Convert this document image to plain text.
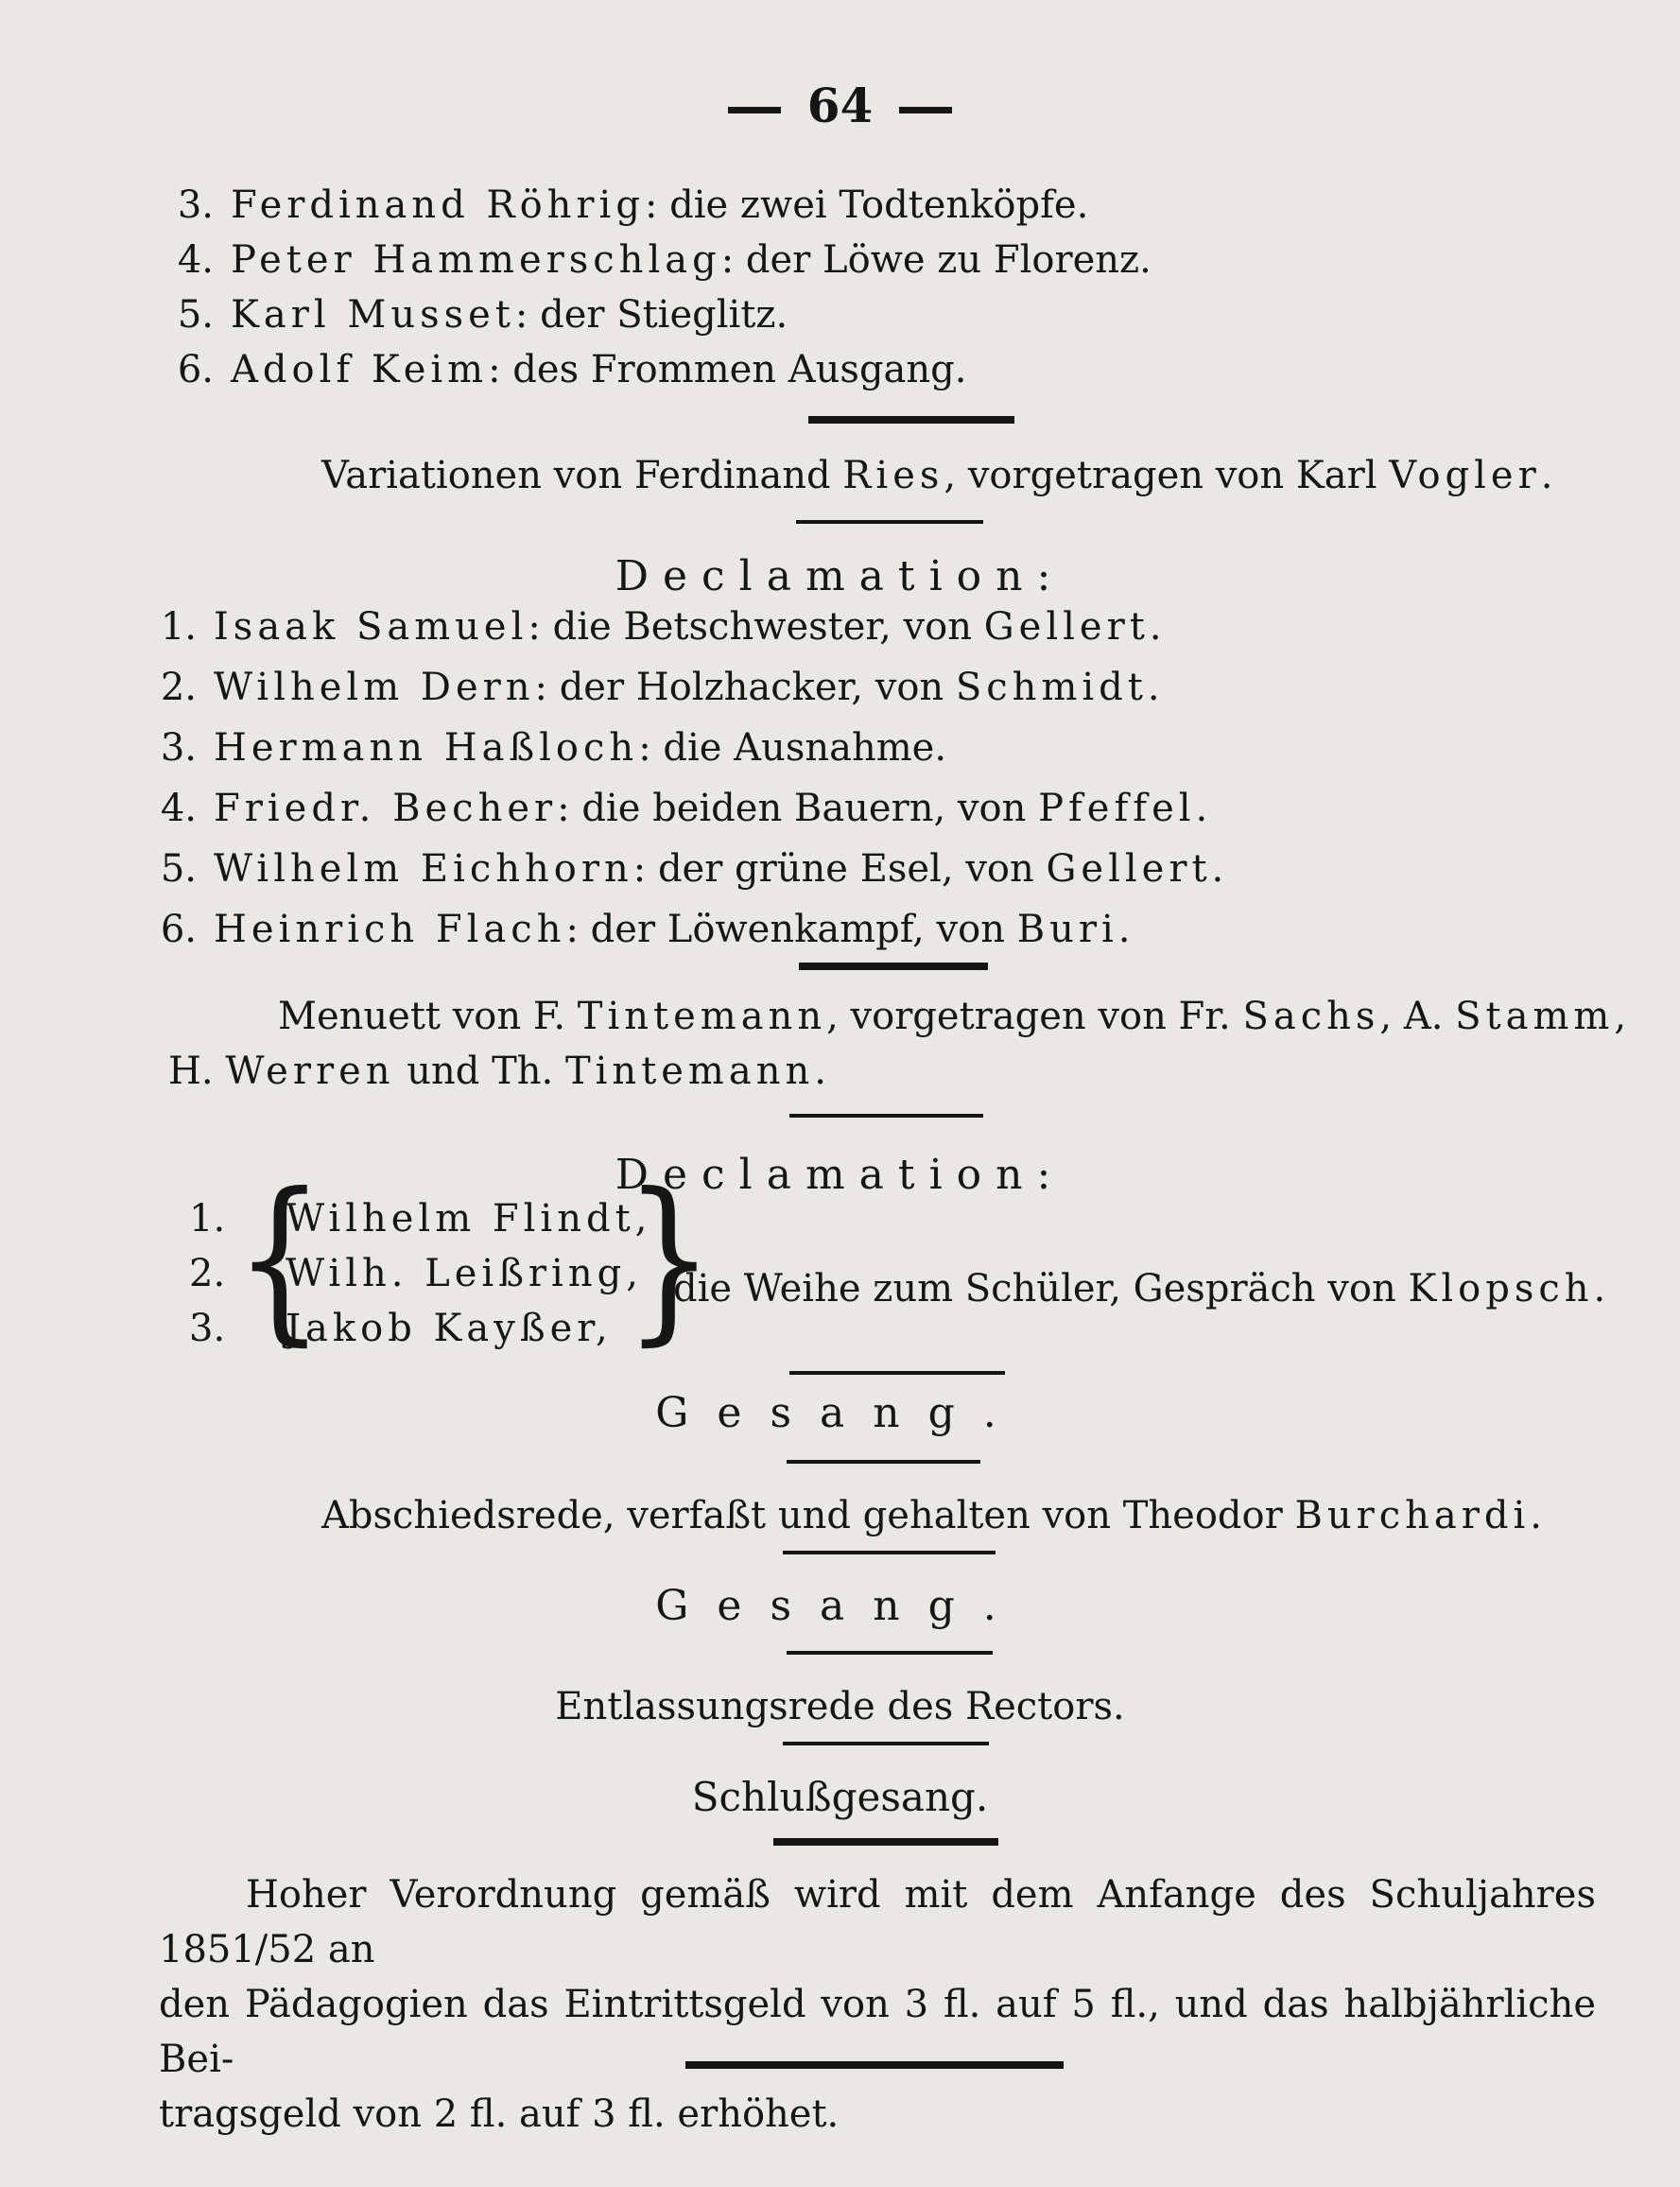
64
3. Ferdinand Röhrig: die zwei Todtenköpfe.
4. Peter Hammerschlag: der Löwe zu Florenz.
5. Karl Musset: der Stieglitz.
6. Adolf Keim: des Frommen Ausgang.
Variationen von Ferdinand Ries, vorgetragen von Karl Vogler.
Declamation:
1. Isaak Samuel: die Betschwester, von Gellert.
2. Wilhelm Dern: der Holzhacker, von Schmidt.
3. Hermann Haßloch: die Ausnahme.
4. Friedr. Becher: die beiden Bauern, von Pfeffel.
5. Wilhelm Eichhorn: der grüne Esel, von Gellert.
6. Heinrich Flach: der Löwenkampf, von Buri.
Menuett von F. Tintemann, vorgetragen von Fr. Sachs, A. Stamm,
H. Werren und Th. Tintemann.
Declamation:
1.
2.
3. {
Wilhelm Flindt,
Wilh. Leißring,
Jakob Kayßer, }
die Weihe zum Schüler, Gespräch von Klopsch.
Gesang.
Abschiedsrede, verfaßt und gehalten von Theodor Burchardi.
Gesang.
Entlassungsrede des Rectors.
Schlußgesang.

Hoher Verordnung gemäß wird mit dem Anfange des Schuljahres 1851/52 an

den Pädagogien das Eintrittsgeld von 3 fl. auf 5 fl., und das halbjährliche Bei-

tragsgeld von 2 fl. auf 3 fl. erhöhet.
